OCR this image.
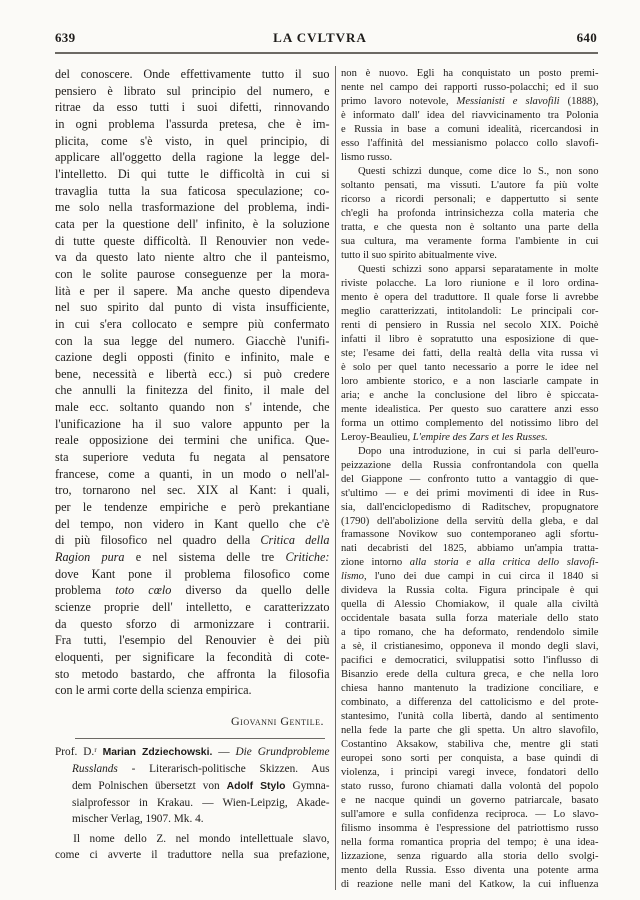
639	LA CVLTVRA	640
del conoscere. Onde effettivamente tutto il suo
pensiero è librato sul principio del numero, e
ritrae da esso tutti i suoi difetti, rinnovando
in ogni problema l'assurda pretesa, che è im-
plicita, come s'è visto, in quel principio, di
applicare all'oggetto della ragione la legge del-
l'intelletto. Di qui tutte le difficoltà in cui si
travaglia tutta la sua faticosa speculazione; co-
me solo nella trasformazione del problema, indi-
cata per la questione dell' infinito, è la soluzione
di tutte queste difficoltà. Il Renouvier non vede-
va da questo lato niente altro che il panteismo,
con le solite paurose conseguenze per la mora-
lità e per il sapere. Ma anche questo dipendeva
nel suo spirito dal punto di vista insufficiente,
in cui s'era collocato e sempre più confermato
con la sua legge del numero. Giacchè l'unifi-
cazione degli opposti (finito e infinito, male e
bene, necessità e libertà ecc.) si può credere
che annulli la finitezza del finito, il male del
male ecc. soltanto quando non s' intende, che
l'unificazione ha il suo valore appunto per la
reale opposizione dei termini che unifica. Que-
sta superiore veduta fu negata al pensatore
francese, come a quanti, in un modo o nell'al-
tro, tornarono nel sec. XIX al Kant: i quali,
per le tendenze empiriche e però prekantiane
del tempo, non videro in Kant quello che c'è
di più filosofico nel quadro della Critica della
Ragion pura e nel sistema delle tre Critiche:
dove Kant pone il problema filosofico come
problema toto cœlo diverso da quello delle
scienze proprie dell' intelletto, e caratterizzato
da questo sforzo di armonizzare i contrarii.
Fra tutti, l'esempio del Renouvier è dei più
eloquenti, per significare la fecondità di cote-
sto metodo bastardo, che affronta la filosofia
con le armi corte della scienza empirica.
Giovanni Gentile.
Prof. D.ʳ Marian Zdziechowski. — Die Grundprobleme
Russlands - Literarisch-politische Skizzen. Aus
dem Polnischen übersetzt von Adolf Stylo Gymna-
sialprofessor in Krakau. — Wien-Leipzig, Akade-
mischer Verlag, 1907. Mk. 4.
Il nome dello Z. nel mondo intellettuale slavo,
come ci avverte il traduttore nella sua prefazione,
non è nuovo. Egli ha conquistato un posto premi-
nente nel campo dei rapporti russo-polacchi; ed il suo
primo lavoro notevole, Messianisti e slavofili (1888),
è informato dall' idea del riavvicinamento tra Polonia
e Russia in base a comuni idealità, ricercandosi in
esso l'affinità del messianismo polacco collo slavofi-
lismo russo.
Questi schizzi dunque, come dice lo S., non sono
soltanto pensati, ma vissuti. L'autore fa più volte
ricorso a ricordi personali; e dappertutto si sente
ch'egli ha profonda intrinsichezza colla materia che
tratta, e che questa non è soltanto una parte della
sua cultura, ma veramente forma l'ambiente in cui
tutto il suo spirito abitualmente vive.
Questi schizzi sono apparsi separatamente in molte
riviste polacche. La loro riunione e il loro ordina-
mento è opera del traduttore. Il quale forse li avrebbe
meglio caratterizzati, intitolandoli: Le principali cor-
renti di pensiero in Russia nel secolo XIX. Poichè
infatti il libro è sopratutto una esposizione di que-
ste; l'esame dei fatti, della realtà della vita russa vi
è solo per quel tanto necessario a porre le idee nel
loro ambiente storico, e a non lasciarle campate in
aria; e anche la conclusione del libro è spiccata-
mente idealistica. Per questo suo carattere anzi esso
forma un ottimo complemento del notissimo libro del
Leroy-Beaulieu, L'empire des Zars et les Russes.
Dopo una introduzione, in cui si parla dell'euro-
peizzazione della Russia confrontandola con quella
del Giappone — confronto tutto a vantaggio di que-
st'ultimo — e dei primi movimenti di idee in Rus-
sia, dall'enciclopedismo di Raditschev, propugnatore
(1790) dell'abolizione della servitù della gleba, e dal
framassone Novikow suo contemporaneo agli sfortu-
nati decabristi del 1825, abbiamo un'ampia tratta-
zione intorno alla storia e alla critica dello slavofi-
lismo, l'uno dei due campi in cui circa il 1840 si
divideva la Russia colta. Figura principale è qui
quella di Alessio Chomiakow, il quale alla civiltà
occidentale basata sulla forza materiale dello stato
a tipo romano, che ha deformato, rendendolo simile
a sè, il cristianesimo, opponeva il mondo degli slavi,
pacifici e democratici, sviluppatisi sotto l'influsso di
Bisanzio erede della cultura greca, e che nella loro
chiesa hanno mantenuto la tradizione conciliare, e
combinato, a differenza del cattolicismo e del prote-
stantesimo, l'unità colla libertà, dando al sentimento
nella fede la parte che gli spetta. Un altro slavofilo,
Costantino Aksakow, stabiliva che, mentre gli stati
europei sono sorti per conquista, a base quindi di
violenza, i principi varegi invece, fondatori dello
stato russo, furono chiamati dalla volontà del popolo
e ne nacque quindi un governo patriarcale, basato
sull'amore e sulla confidenza reciproca. — Lo slavo-
filismo insomma è l'espressione del patriottismo russo
nella forma romantica propria del tempo; è una idea-
lizzazione, senza riguardo alla storia dello svolgi-
mento della Russia. Esso diventa una potente arma
di reazione nelle mani del Katkow, la cui influenza
